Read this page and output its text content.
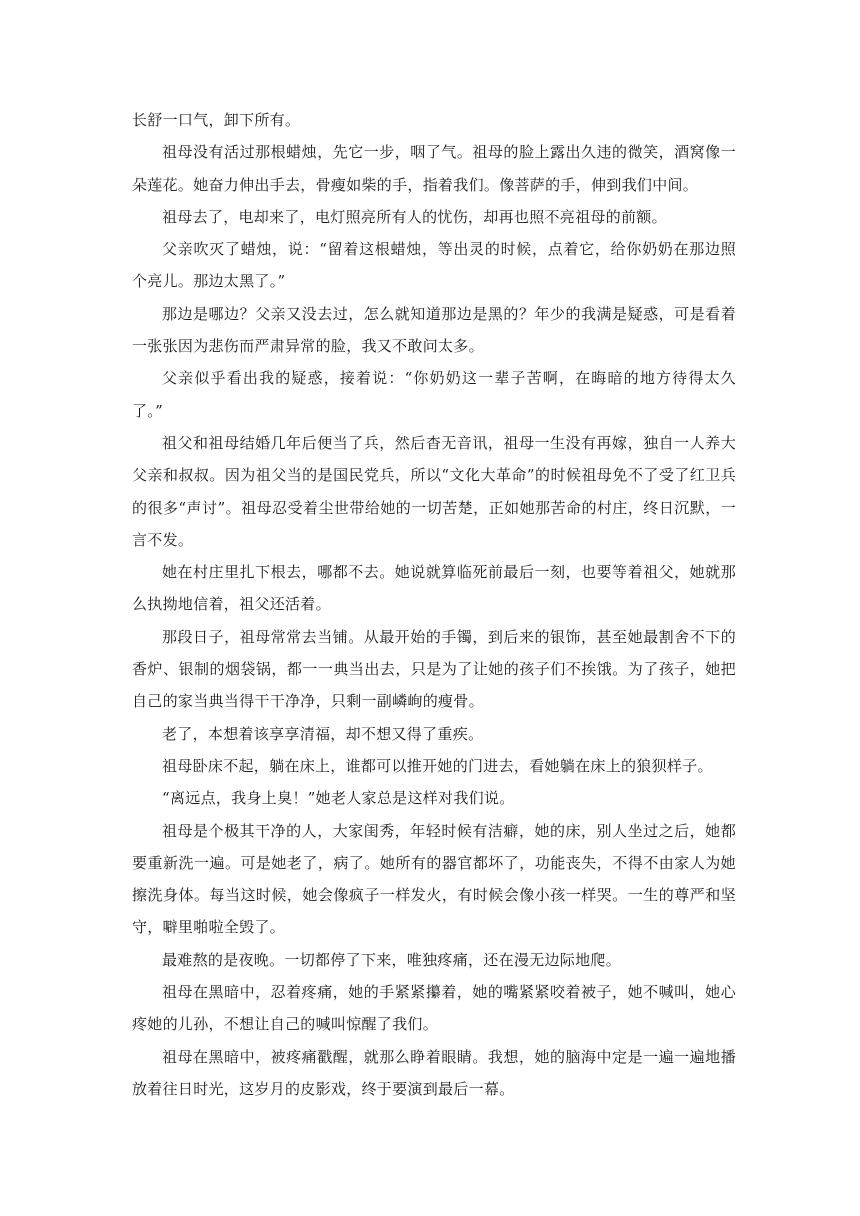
长舒一口气，卸下所有。

祖母没有活过那根蜡烛，先它一步，咽了气。祖母的脸上露出久违的微笑，酒窝像一朵莲花。她奋力伸出手去，骨瘦如柴的手，指着我们。像菩萨的手，伸到我们中间。

祖母去了，电却来了，电灯照亮所有人的忧伤，却再也照不亮祖母的前额。

父亲吹灭了蜡烛，说：“留着这根蜡烛，等出灵的时候，点着它，给你奶奶在那边照个亮儿。那边太黑了。”

那边是哪边？父亲又没去过，怎么就知道那边是黑的？年少的我满是疑惑，可是看着一张张因为悲伤而严肃异常的脸，我又不敢问太多。

父亲似乎看出我的疑惑，接着说：“你奶奶这一辈子苦啊，在晦暗的地方待得太久了。”

祖父和祖母结婚几年后便当了兵，然后杳无音讯，祖母一生没有再嫁，独自一人养大父亲和叔叔。因为祖父当的是国民党兵，所以“文化大革命”的时候祖母免不了受了红卫兵的很多“声讨”。祖母忍受着尘世带给她的一切苦楚，正如她那苦命的村庄，终日沉默，一言不发。

她在村庄里扎下根去，哪都不去。她说就算临死前最后一刻，也要等着祖父，她就那么执拗地信着，祖父还活着。

那段日子，祖母常常去当铺。从最开始的手镯，到后来的银饰，甚至她最割舍不下的香炉、银制的烟袋锅，都一一典当出去，只是为了让她的孩子们不挨饿。为了孩子，她把自己的家当典当得干干净净，只剩一副嶙峋的瘦骨。

老了，本想着该享享清福，却不想又得了重疾。

祖母卧床不起，躺在床上，谁都可以推开她的门进去，看她躺在床上的狼狈样子。

“离远点，我身上臭！”她老人家总是这样对我们说。

祖母是个极其干净的人，大家闺秀，年轻时候有洁癖，她的床，别人坐过之后，她都要重新洗一遍。可是她老了，病了。她所有的器官都坏了，功能丧失，不得不由家人为她擦洗身体。每当这时候，她会像疯子一样发火，有时候会像小孩一样哭。一生的尊严和坚守，噼里啪啦全毁了。

最难熬的是夜晚。一切都停了下来，唯独疼痛，还在漫无边际地爬。

祖母在黑暗中，忍着疼痛，她的手紧紧攥着，她的嘴紧紧咬着被子，她不喊叫，她心疼她的儿孙，不想让自己的喊叫惊醒了我们。

祖母在黑暗中，被疼痛戳醒，就那么睁着眼睛。我想，她的脑海中定是一遍一遍地播放着往日时光，这岁月的皮影戏，终于要演到最后一幕。
